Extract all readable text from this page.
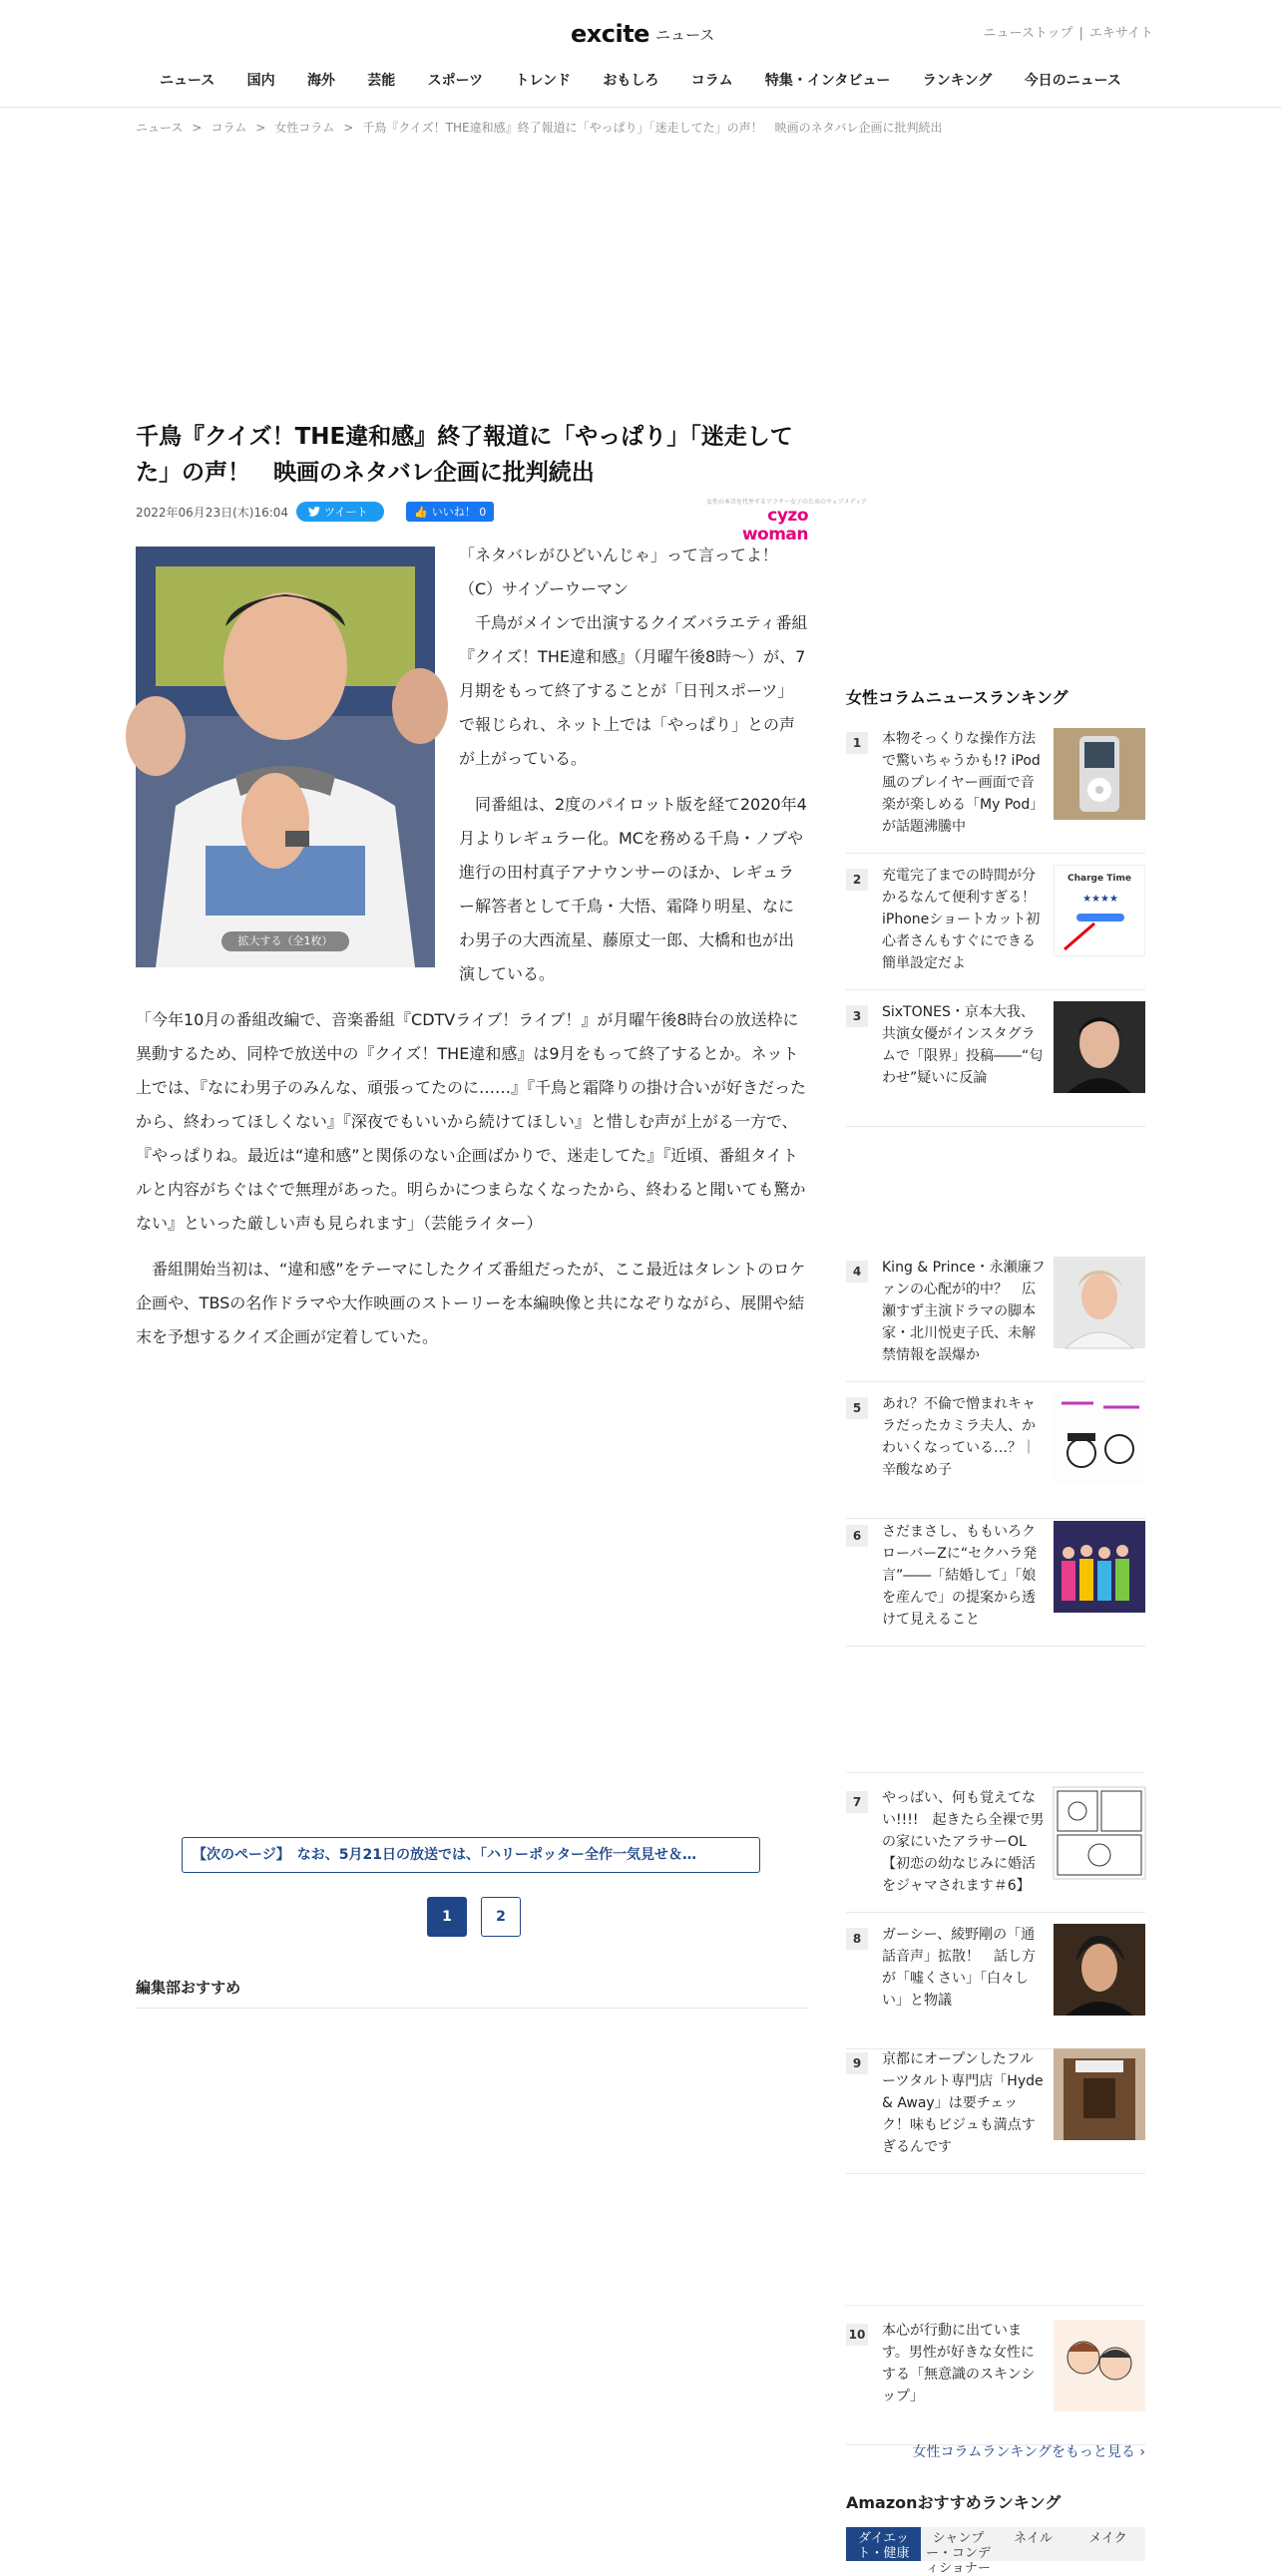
excite ニュース	ニューストップ | エキサイト
ニュース 国内 海外 芸能 スポーツ トレンド おもしろ コラム 特集・インタビュー ランキング 今日のニュース
ニュース > コラム > 女性コラム > 千鳥『クイズ！THE違和感』終了報道に「やっぱり」「迷走してた」の声！　映画のネタバレ企画に批判続出
千鳥『クイズ！THE違和感』終了報道に「やっぱり」「迷走してた」の声！　映画のネタバレ企画に批判続出
2022年06月23日(木)16:04	ツイート	👍 いいね！ 0
女性の本音を代弁するアラサー女子のためのウェブメディア
cyzo woman
拡大する（全1枚）

「ネタバレがひどいんじゃ」って言ってよ！（C）サイゾーウーマン

千鳥がメインで出演するクイズバラエティ番組『クイズ！THE違和感』（月曜午後8時～）が、7月期をもって終了することが「日刊スポーツ」で報じられ、ネット上では「やっぱり」との声が上がっている。

同番組は、2度のパイロット版を経て2020年4月よりレギュラー化。MCを務める千鳥・ノブや進行の田村真子アナウンサーのほか、レギュラー解答者として千鳥・大悟、霜降り明星、なにわ男子の大西流星、藤原丈一郎、大橋和也が出演している。

「今年10月の番組改編で、音楽番組『CDTVライブ！ライブ！』が月曜午後8時台の放送枠に異動するため、同枠で放送中の『クイズ！THE違和感』は9月をもって終了するとか。ネット上では、『なにわ男子のみんな、頑張ってたのに……』『千鳥と霜降りの掛け合いが好きだったから、終わってほしくない』『深夜でもいいから続けてほしい』と惜しむ声が上がる一方で、『やっぱりね。最近は“違和感”と関係のない企画ばかりで、迷走してた』『近頃、番組タイトルと内容がちぐはぐで無理があった。明らかにつまらなくなったから、終わると聞いても驚かない』といった厳しい声も見られます」（芸能ライター）

番組開始当初は、“違和感”をテーマにしたクイズ番組だったが、ここ最近はタレントのロケ企画や、TBSの名作ドラマや大作映画のストーリーを本編映像と共になぞりながら、展開や結末を予想するクイズ企画が定着していた。

【次のページ】　なお、5月21日の放送では、「ハリーポッター全作一気見せ＆…
1	2
編集部おすすめ
女性コラムニュースランキング
1	本物そっくりな操作方法で驚いちゃうかも!? iPod風のプレイヤー画面で音楽が楽しめる「My Pod」が話題沸騰中
2	充電完了までの時間が分かるなんて便利すぎる！ iPhoneショートカット初心者さんもすぐにできる簡単設定だよ
Charge Time
★★★★
3	SixTONES・京本大我、共演女優がインスタグラムで「限界」投稿――“匂わせ”疑いに反論
4	King & Prince・永瀬廉ファンの心配が的中？　広瀬すず主演ドラマの脚本家・北川悦吏子氏、未解禁情報を誤爆か
5	あれ？不倫で憎まれキャラだったカミラ夫人、かわいくなっている…？｜辛酸なめ子
6	さだまさし、ももいろクローバーZに“セクハラ発言”――「結婚して」「娘を産んで」の提案から透けて見えること
7	やっばい、何も覚えてない!!!!　起きたら全裸で男の家にいたアラサーOL【初恋の幼なじみに婚活をジャマされます＃6】
8	ガーシー、綾野剛の「通話音声」拡散！　話し方が「嘘くさい」「白々しい」と物議
9	京都にオープンしたフルーツタルト専門店「Hyde & Away」は要チェック！味もビジュも満点すぎるんです
10 本心が行動に出ています。男性が好きな女性にする「無意識のスキンシップ」
女性コラムランキングをもっと見る ›
Amazonおすすめランキング
ダイエット・健康
シャンプー・コンディショナー
ネイル	メイク
